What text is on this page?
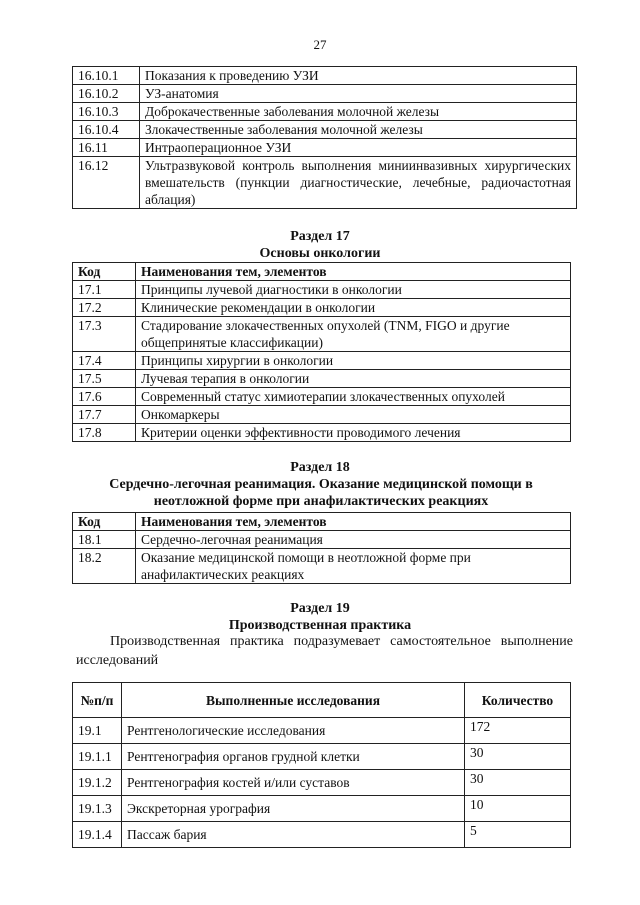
27
16.10.1	Показания к проведению УЗИ
16.10.2	УЗ-анатомия
16.10.3	Доброкачественные заболевания молочной железы
16.10.4	Злокачественные заболевания молочной железы
16.11	Интраоперационное УЗИ
16.12	Ультразвуковой контроль выполнения миниинвазивных хирургических вмешательств (пункции диагностические, лечебные, радиочастотная аблация)
Раздел 17
Основы онкологии
Код	Наименования тем, элементов
17.1	Принципы лучевой диагностики в онкологии
17.2	Клинические рекомендации в онкологии
17.3	Стадирование злокачественных опухолей (TNM, FIGO и другие общепринятые классификации)
17.4	Принципы хирургии в онкологии
17.5	Лучевая терапия в онкологии
17.6	Современный статус химиотерапии злокачественных опухолей
17.7	Онкомаркеры
17.8	Критерии оценки эффективности проводимого лечения
Раздел 18
Сердечно-легочная реанимация. Оказание медицинской помощи в неотложной форме при анафилактических реакциях
Код	Наименования тем, элементов
18.1	Сердечно-легочная реанимация
18.2	Оказание медицинской помощи в неотложной форме при анафилактических реакциях
Раздел 19
Производственная практика
Производственная практика подразумевает самостоятельное выполнение исследований
№п/п	Выполненные исследования	Количество
19.1	Рентгенологические исследования	172
19.1.1	Рентгенография органов грудной клетки	30
19.1.2	Рентгенография костей и/или суставов	30
19.1.3	Экскреторная урография	10
19.1.4	Пассаж бария	5
